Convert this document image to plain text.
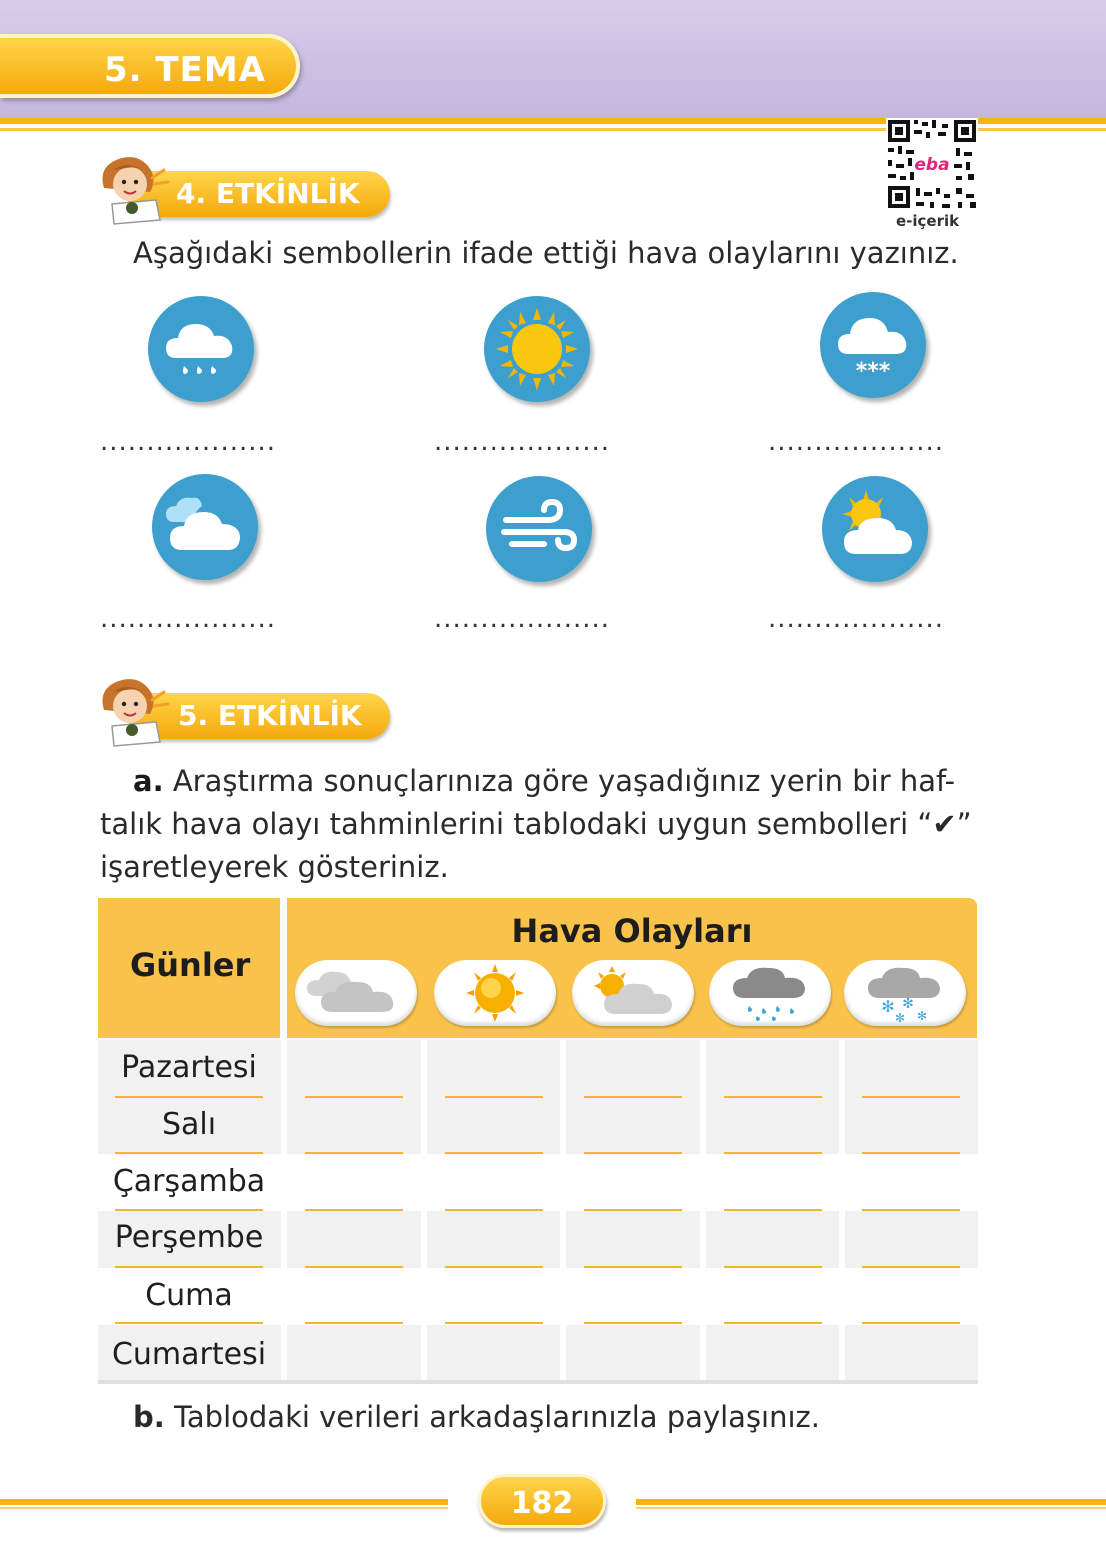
5. TEMA
eba
e-içerik
4. ETKİNLİK
Aşağıdaki sembollerin ifade ettiği hava olaylarını yazınız.
***
...................	...................	...................
...................	...................	...................
5. ETKİNLİK
a. Araştırma sonuçlarınıza göre yaşadığınız yerin bir haf-
talık hava olayı tahminlerini tablodaki uygun sembolleri “✔”
işaretleyerek gösteriniz.
Günler
Hava Olayları
✻ ✻
✻ ✻
Pazartesi
Salı
Çarşamba
Perşembe
Cuma
Cumartesi
b. Tablodaki verileri arkadaşlarınızla paylaşınız.
182
